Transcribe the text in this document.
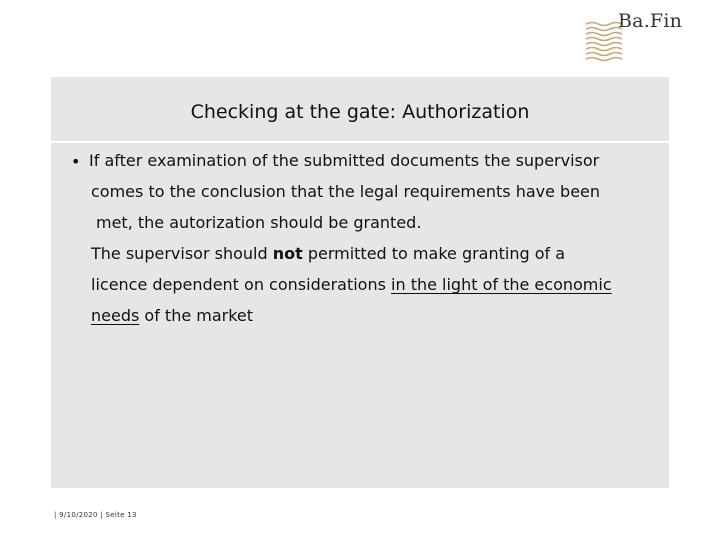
Ba.Fin
Checking at the gate: Authorization
• If after examination of the submitted documents the supervisor
comes to the conclusion that the legal requirements have been
met, the autorization should be granted.
The supervisor should not permitted to make granting of a
licence dependent on considerations in the light of the economic
needs of the market
| 9/10/2020 | Seite 13
